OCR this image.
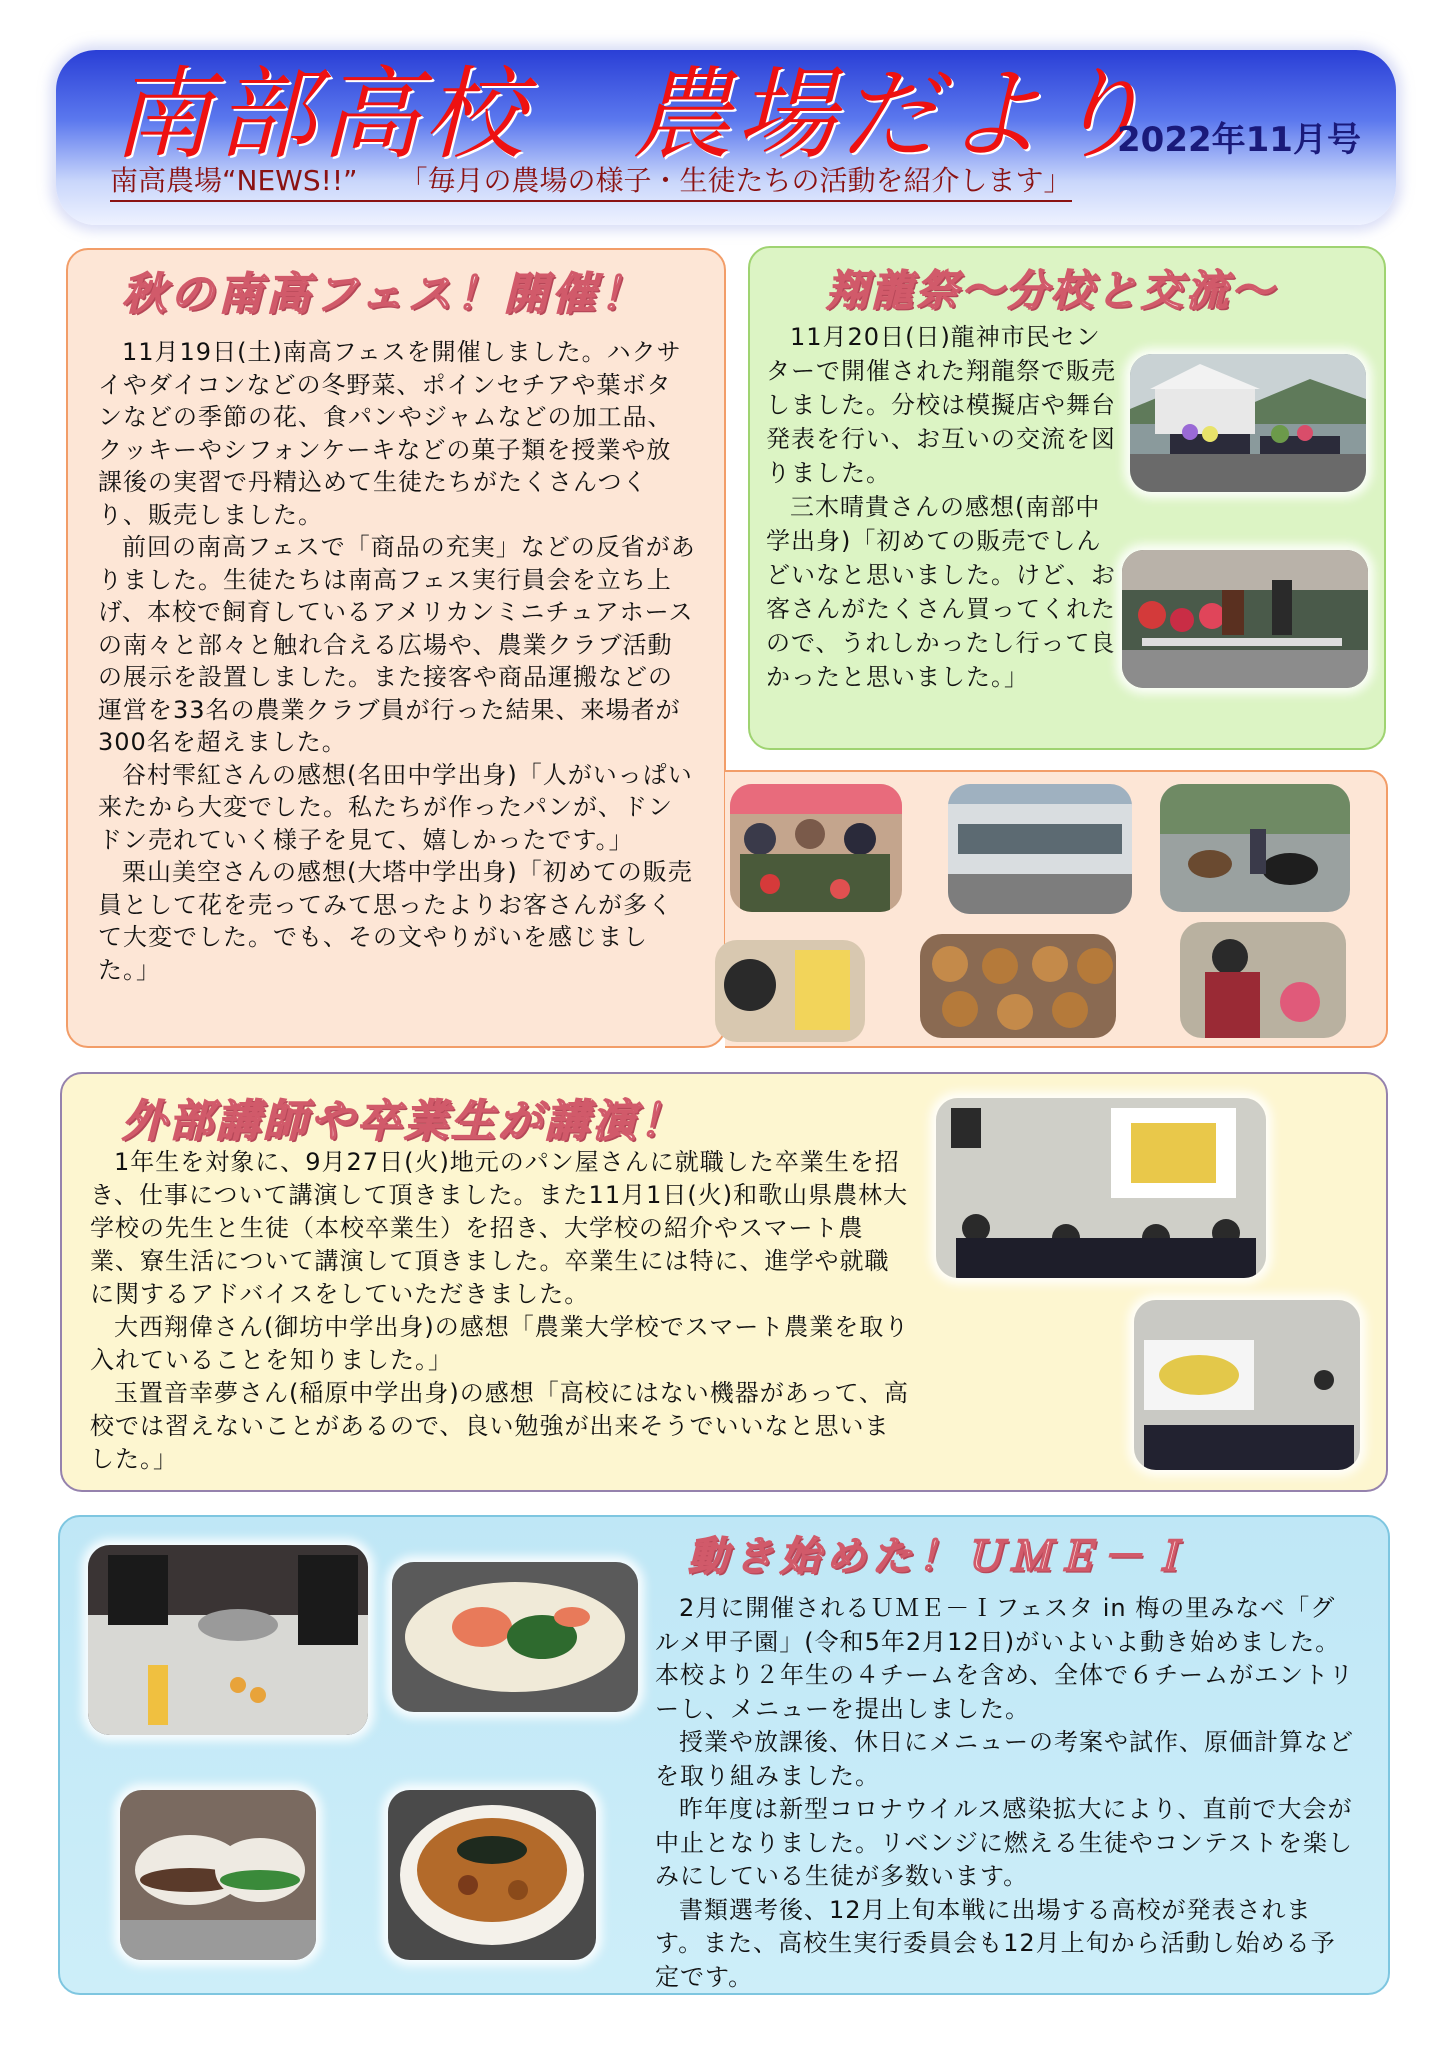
南部高校　農場だより
2022年11月号
南高農場“NEWS!!”　　「毎月の農場の様子・生徒たちの活動を紹介します」
秋の南高フェス！開催！	翔龍祭～分校と交流～
外部講師や卒業生が講演！
動き始めた！ＵＭＥ－Ｉ

11月19日(土)南高フェスを開催しました。ハクサイやダイコンなどの冬野菜、ポインセチアや葉ボタンなどの季節の花、食パンやジャムなどの加工品、クッキーやシフォンケーキなどの菓子類を授業や放課後の実習で丹精込めて生徒たちがたくさんつくり、販売しました。

前回の南高フェスで「商品の充実」などの反省がありました。生徒たちは南高フェス実行員会を立ち上げ、本校で飼育しているアメリカンミニチュアホースの南々と部々と触れ合える広場や、農業クラブ活動の展示を設置しました。また接客や商品運搬などの運営を33名の農業クラブ員が行った結果、来場者が300名を超えました。

谷村雫紅さんの感想(名田中学出身)「人がいっぱい来たから大変でした。私たちが作ったパンが、ドンドン売れていく様子を見て、嬉しかったです。」

栗山美空さんの感想(大塔中学出身)「初めての販売員として花を売ってみて思ったよりお客さんが多くて大変でした。でも、その文やりがいを感じました。」

11月20日(日)龍神市民センターで開催された翔龍祭で販売しました。分校は模擬店や舞台発表を行い、お互いの交流を図りました。

三木晴貴さんの感想(南部中学出身)「初めての販売でしんどいなと思いました。けど、お客さんがたくさん買ってくれたので、うれしかったし行って良かったと思いました。」

1年生を対象に、9月27日(火)地元のパン屋さんに就職した卒業生を招き、仕事について講演して頂きました。また11月1日(火)和歌山県農林大学校の先生と生徒（本校卒業生）を招き、大学校の紹介やスマート農業、寮生活について講演して頂きました。卒業生には特に、進学や就職に関するアドバイスをしていただきました。

大西翔偉さん(御坊中学出身)の感想「農業大学校でスマート農業を取り入れていることを知りました。」

玉置音幸夢さん(稲原中学出身)の感想「高校にはない機器があって、高校では習えないことがあるので、良い勉強が出来そうでいいなと思いました。」

2月に開催されるＵＭＥ－Ｉフェスタ in 梅の里みなべ「グルメ甲子園」(令和5年2月12日)がいよいよ動き始めました。本校より２年生の４チームを含め、全体で６チームがエントリーし、メニューを提出しました。

授業や放課後、休日にメニューの考案や試作、原価計算などを取り組みました。

昨年度は新型コロナウイルス感染拡大により、直前で大会が中止となりました。リベンジに燃える生徒やコンテストを楽しみにしている生徒が多数います。

書類選考後、12月上旬本戦に出場する高校が発表されます。また、高校生実行委員会も12月上旬から活動し始める予定です。
